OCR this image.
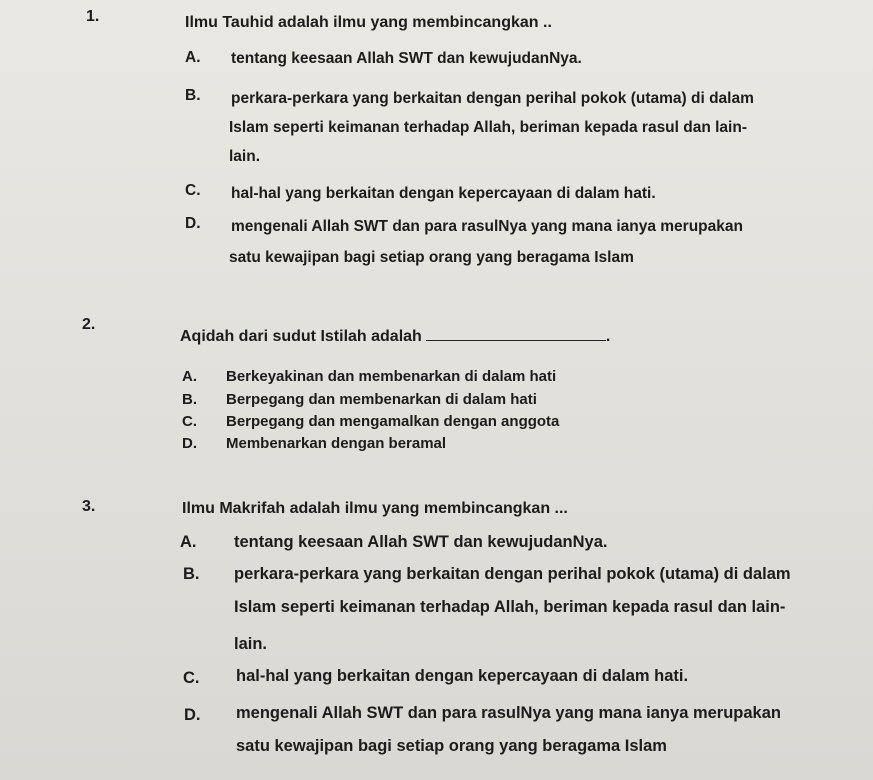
1.	Ilmu Tauhid adalah ilmu yang membincangkan ..
A. tentang keesaan Allah SWT dan kewujudanNya.
B. perkara-perkara yang berkaitan dengan perihal pokok (utama) di dalam
Islam seperti keimanan terhadap Allah, beriman kepada rasul dan lain-
lain.
C. hal-hal yang berkaitan dengan kepercayaan di dalam hati.
D. mengenali Allah SWT dan para rasulNya yang mana ianya merupakan
satu kewajipan bagi setiap orang yang beragama Islam
2.
Aqidah dari sudut Istilah adalah	.
A. Berkeyakinan dan membenarkan di dalam hati
B. Berpegang dan membenarkan di dalam hati
C. Berpegang dan mengamalkan dengan anggota
D. Membenarkan dengan beramal
3.	Ilmu Makrifah adalah ilmu yang membincangkan ...
A. tentang keesaan Allah SWT dan kewujudanNya.
B. perkara-perkara yang berkaitan dengan perihal pokok (utama) di dalam
Islam seperti keimanan terhadap Allah, beriman kepada rasul dan lain-
lain.
C. hal-hal yang berkaitan dengan kepercayaan di dalam hati.
D. mengenali Allah SWT dan para rasulNya yang mana ianya merupakan
satu kewajipan bagi setiap orang yang beragama Islam
